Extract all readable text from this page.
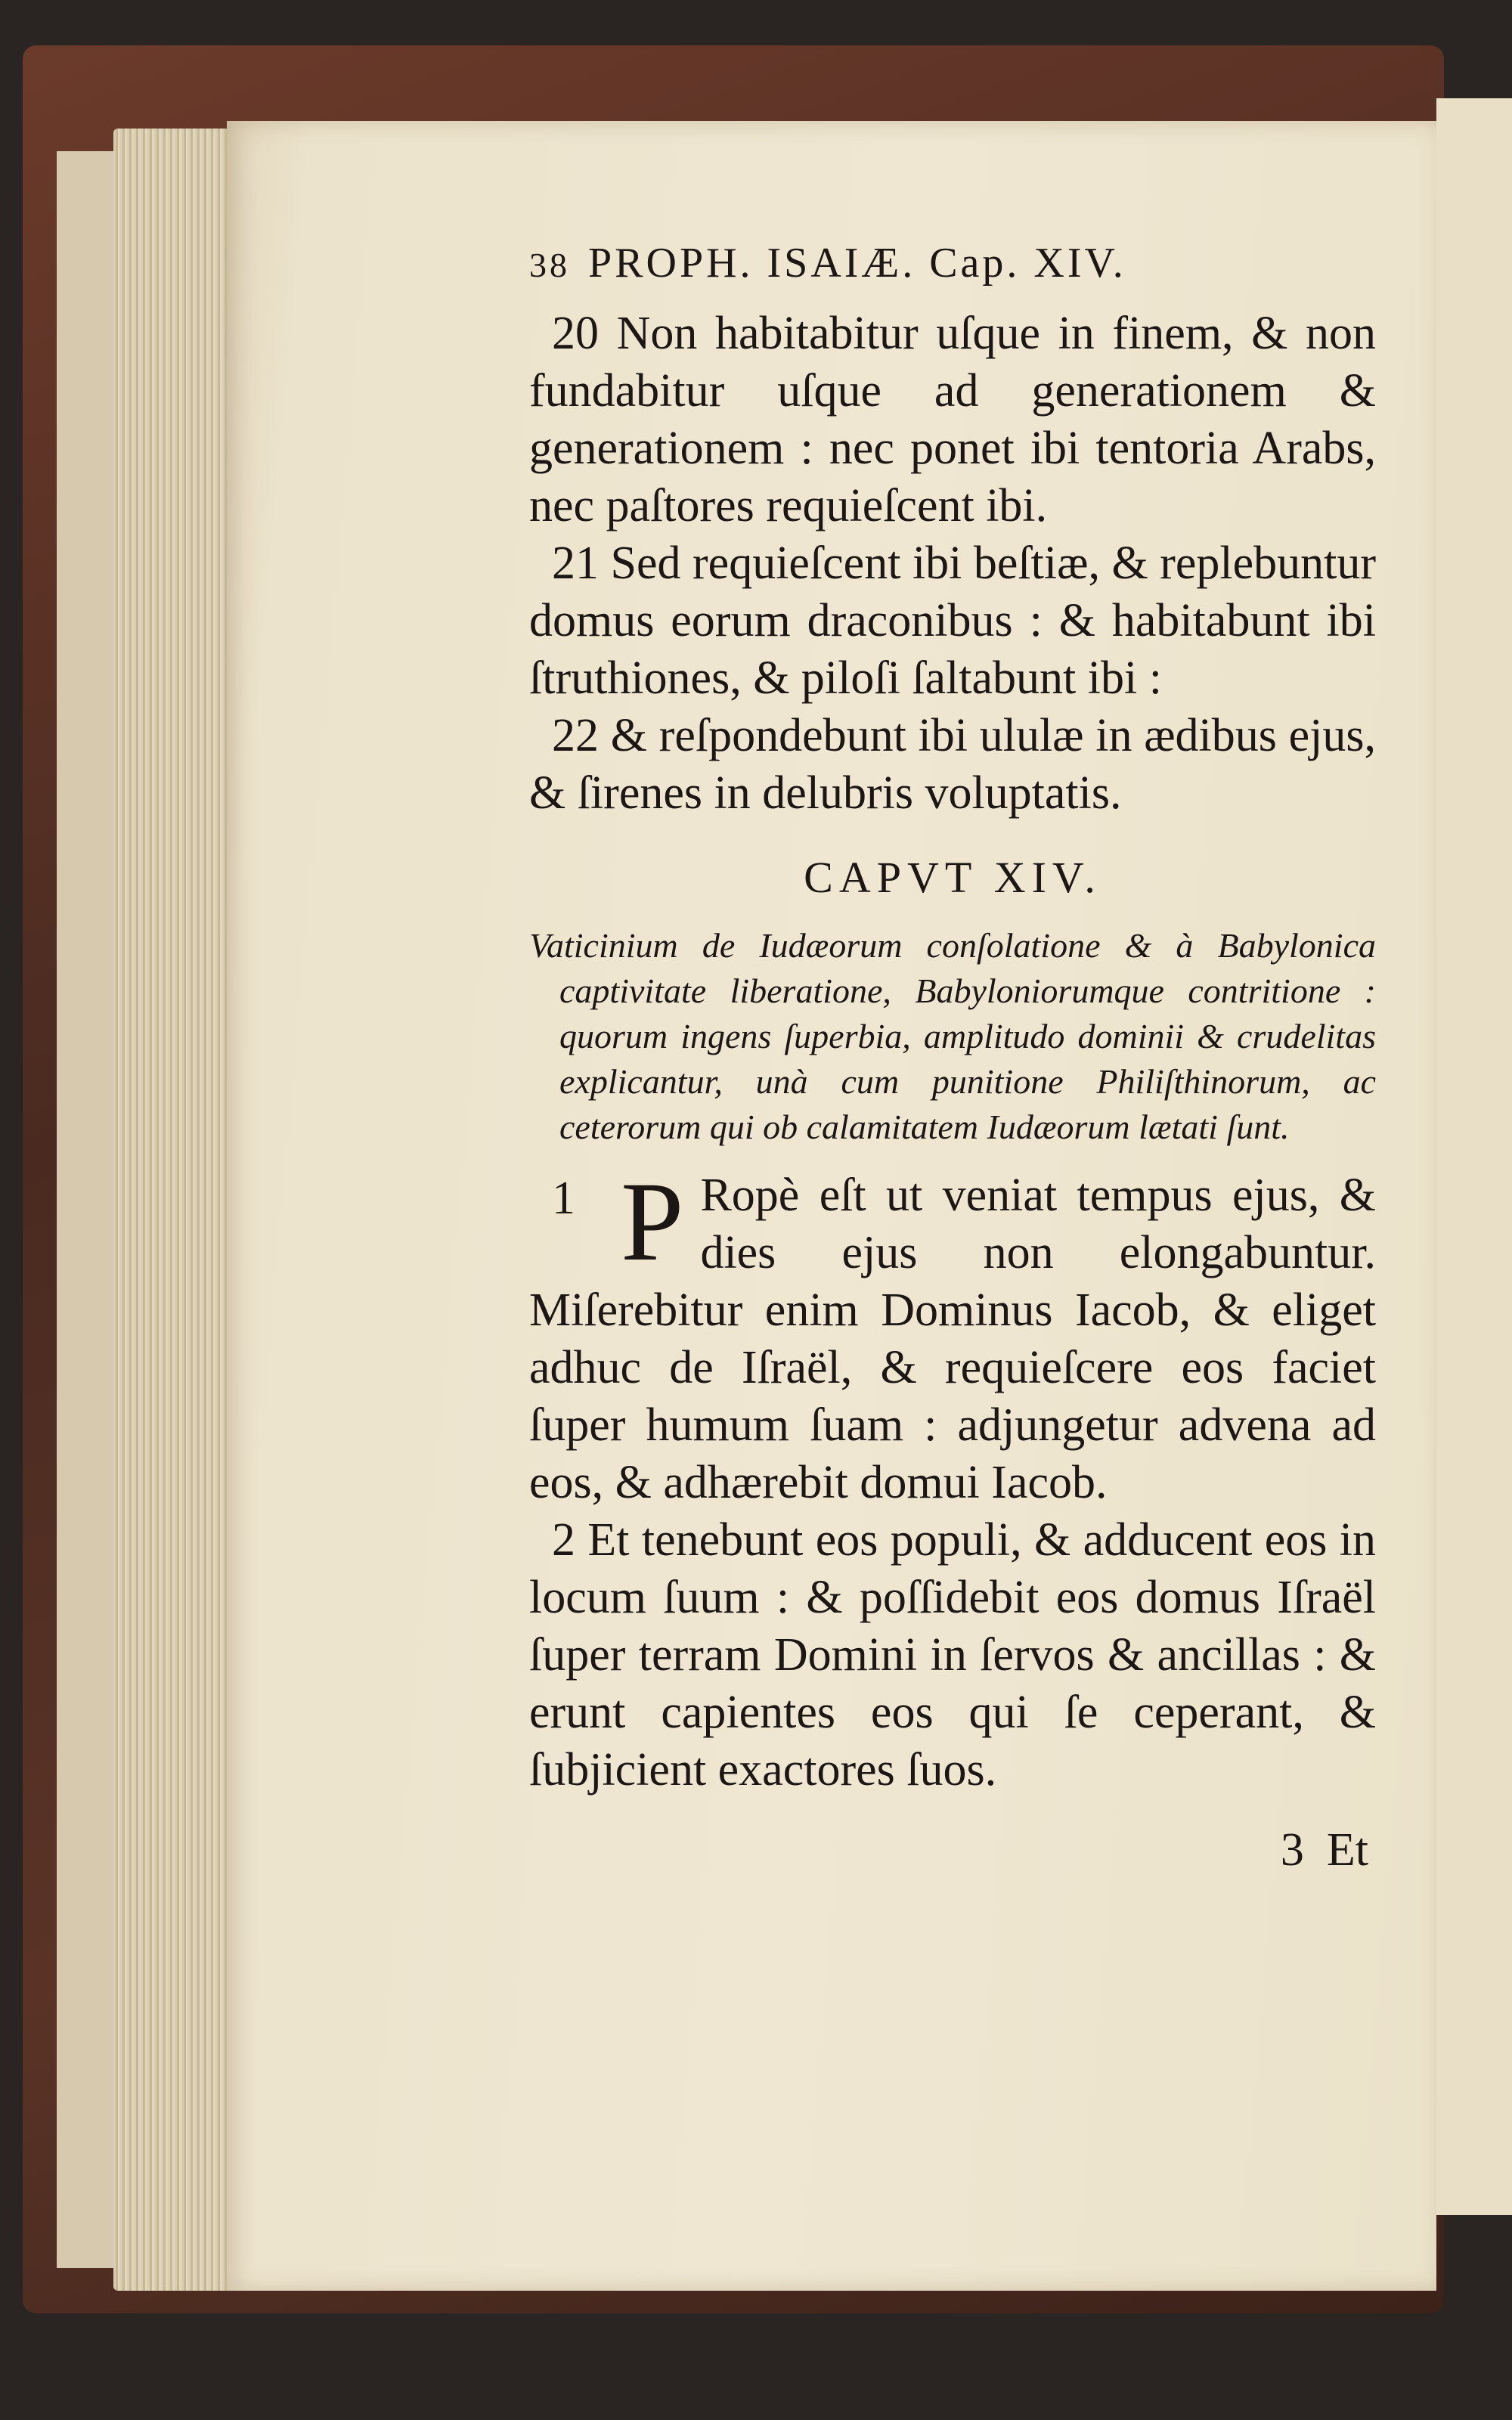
38 PROPH. ISAIÆ. Cap. XIV.

20 Non habitabitur uſque in finem, & non fundabitur uſque ad generationem & generationem : nec ponet ibi tentoria Arabs, nec paſtores requieſcent ibi.

21 Sed requieſcent ibi beſtiæ, & replebuntur domus eorum draconibus : & habitabunt ibi ſtruthiones, & piloſi ſaltabunt ibi :

22 & reſpondebunt ibi ululæ in ædibus ejus, & ſirenes in delubris voluptatis.

CAPVT XIV.
Vaticinium de Iudæorum conſolatione & à Babylonica captivitate liberatione, Babyloniorumque contritione : quorum ingens ſuperbia, amplitudo dominii & crudelitas explicantur, unà cum punitione Philiſthinorum, ac ceterorum qui ob calamitatem Iudæorum lætati ſunt.

1 P Ropè eſt ut veniat tempus ejus, & dies ejus non elongabuntur. Miſerebitur enim Dominus Iacob, & eliget adhuc de Iſraël, & requieſcere eos faciet ſuper humum ſuam : adjungetur advena ad eos, & adhærebit domui Iacob.

2 Et tenebunt eos populi, & adducent eos in locum ſuum : & poſſidebit eos domus Iſraël ſuper terram Domini in ſervos & ancillas : & erunt capientes eos qui ſe ceperant, & ſubjicient exactores ſuos.

3 Et
